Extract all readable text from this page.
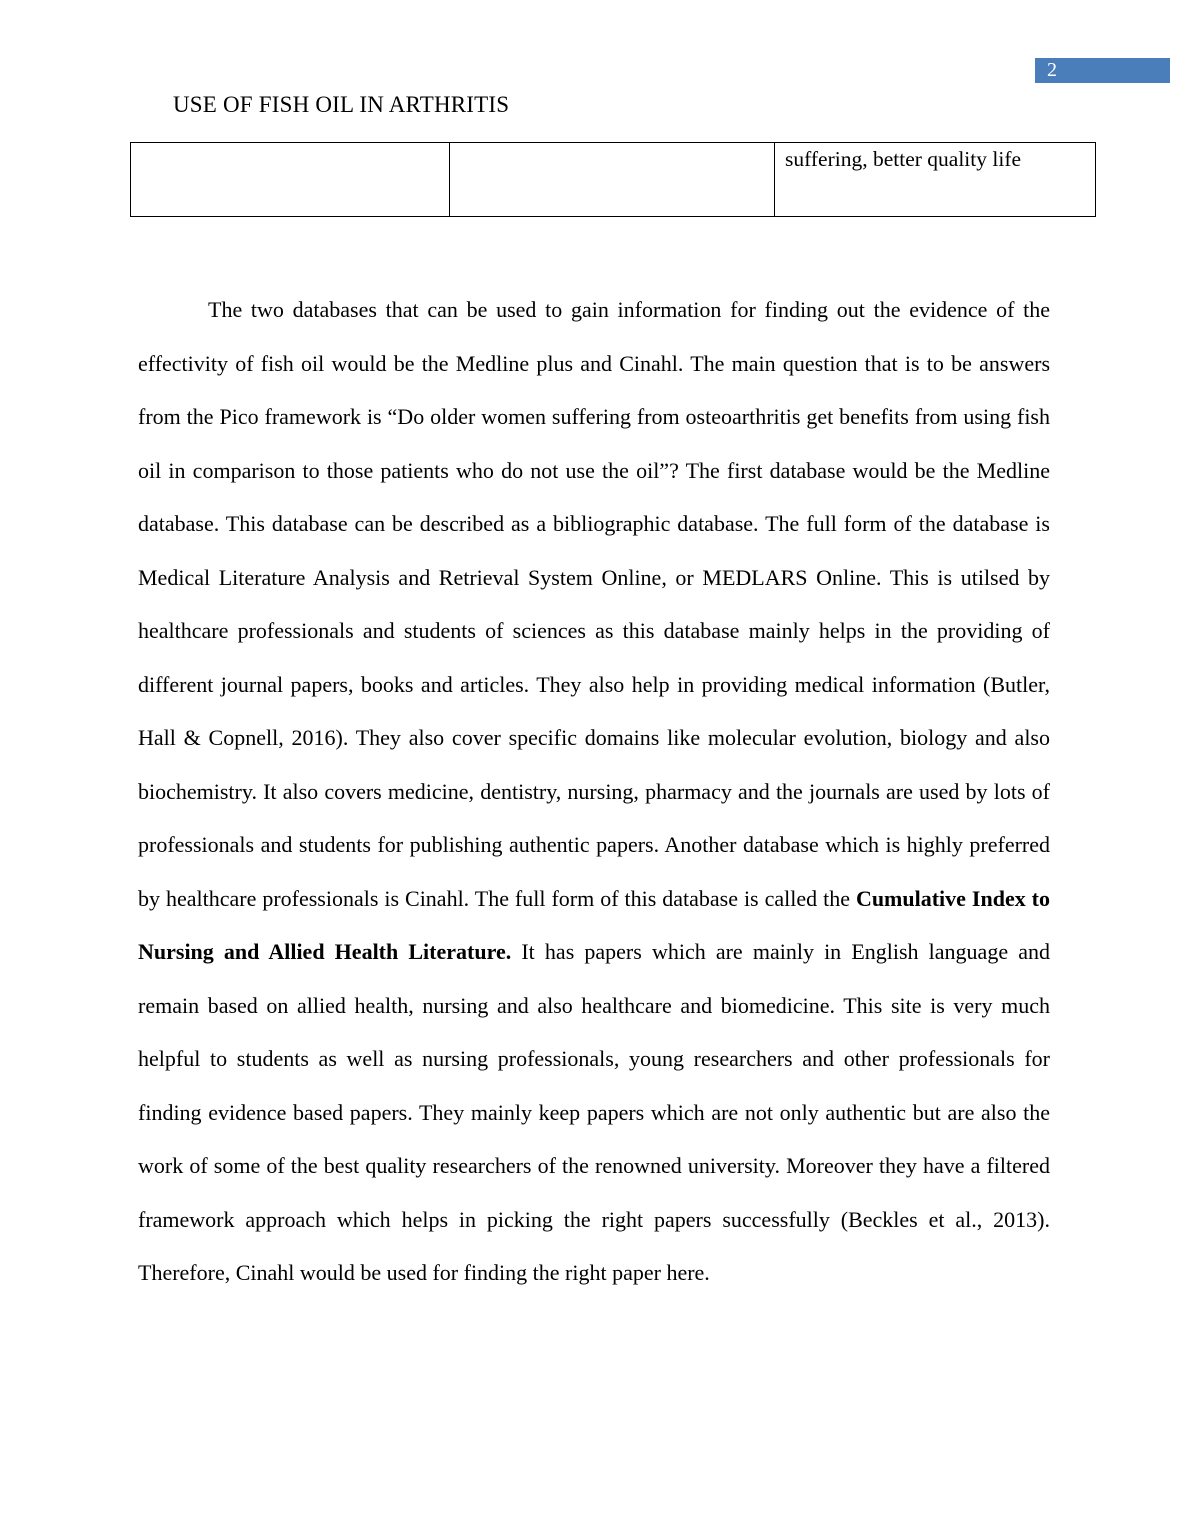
2
USE OF FISH OIL IN ARTHRITIS
		suffering, better quality life

The two databases that can be used to gain information for finding out the evidence of the effectivity of fish oil would be the Medline plus and Cinahl. The main question that is to be answers from the Pico framework is “Do older women suffering from osteoarthritis get benefits from using fish oil in comparison to those patients who do not use the oil”? The first database would be the Medline database. This database can be described as a bibliographic database. The full form of the database is Medical Literature Analysis and Retrieval System Online, or MEDLARS Online. This is utilsed by healthcare professionals and students of sciences as this database mainly helps in the providing of different journal papers, books and articles. They also help in providing medical information (Butler, Hall & Copnell, 2016). They also cover specific domains like molecular evolution, biology and also biochemistry. It also covers medicine, dentistry, nursing, pharmacy and the journals are used by lots of professionals and students for publishing authentic papers. Another database which is highly preferred by healthcare professionals is Cinahl. The full form of this database is called the Cumulative Index to Nursing and Allied Health Literature. It has papers which are mainly in English language and remain based on allied health, nursing and also healthcare and biomedicine. This site is very much helpful to students as well as nursing professionals, young researchers and other professionals for finding evidence based papers. They mainly keep papers which are not only authentic but are also the work of some of the best quality researchers of the renowned university. Moreover they have a filtered framework approach which helps in picking the right papers successfully (Beckles et al., 2013). Therefore, Cinahl would be used for finding the right paper here.
